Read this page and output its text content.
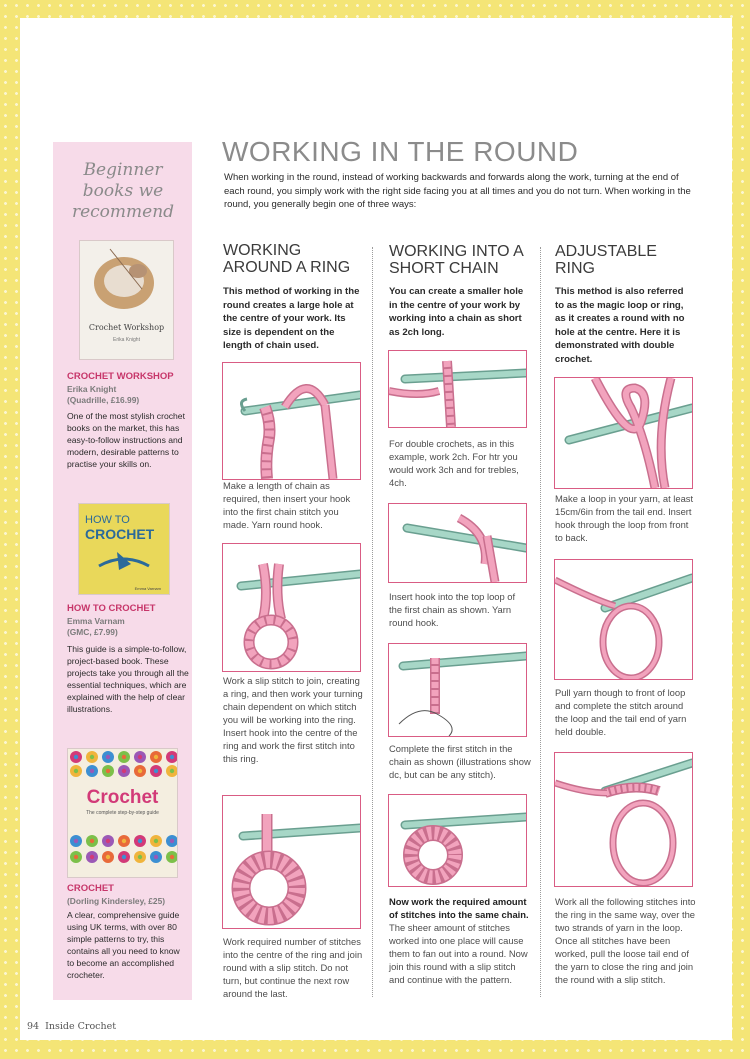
Beginner books we recommend
Crochet Workshop
Erika Knight
CROCHET WORKSHOP
Erika Knight
(Quadrille, £16.99)
One of the most stylish crochet books on the market, this has easy-to-follow instructions and modern, desirable patterns to practise your skills on.
HOW TO
CROCHET
Emma Varnam
HOW TO CROCHET
Emma Varnam
(GMC, £7.99)
This guide is a simple-to-follow, project-based book. These projects take you through all the essential techniques, which are explained with the help of clear illustrations.
Crochet
The complete step-by-step guide
CROCHET
(Dorling Kindersley, £25)
A clear, comprehensive guide using UK terms, with over 80 simple patterns to try, this contains all you need to know to become an accomplished crocheter.
WORKING IN THE ROUND
When working in the round, instead of working backwards and forwards along the work, turning at the end of each round, you simply work with the right side facing you at all times and you do not turn. When working in the round, you generally begin one of three ways:
WORKING AROUND A RING
This method of working in the round creates a large hole at the centre of your work. Its size is dependent on the length of chain used.
Make a length of chain as required, then insert your hook into the first chain stitch you made. Yarn round hook.
Work a slip stitch to join, creating a ring, and then work your turning chain dependent on which stitch you will be working into the ring. Insert hook into the centre of the ring and work the first stitch into this ring.
Work required number of stitches into the centre of the ring and join round with a slip stitch. Do not turn, but continue the next row around the last.
WORKING INTO A SHORT CHAIN
You can create a smaller hole in the centre of your work by working into a chain as short as 2ch long.
For double crochets, as in this example, work 2ch. For htr you would work 3ch and for trebles, 4ch.
Insert hook into the top loop of the first chain as shown. Yarn round hook.
Complete the first stitch in the chain as shown (illustrations show dc, but can be any stitch).
Now work the required amount of stitches into the same chain. The sheer amount of stitches worked into one place will cause them to fan out into a round. Now join this round with a slip stitch and continue with the pattern.
ADJUSTABLE RING
This method is also referred to as the magic loop or ring, as it creates a round with no hole at the centre. Here it is demonstrated with double crochet.
Make a loop in your yarn, at least 15cm/6in from the tail end. Insert hook through the loop from front to back.
Pull yarn though to front of loop and complete the stitch around the loop and the tail end of yarn held double.
Work all the following stitches into the ring in the same way, over the two strands of yarn in the loop. Once all stitches have been worked, pull the loose tail end of the yarn to close the ring and join the round with a slip stitch.
94 Inside Crochet
